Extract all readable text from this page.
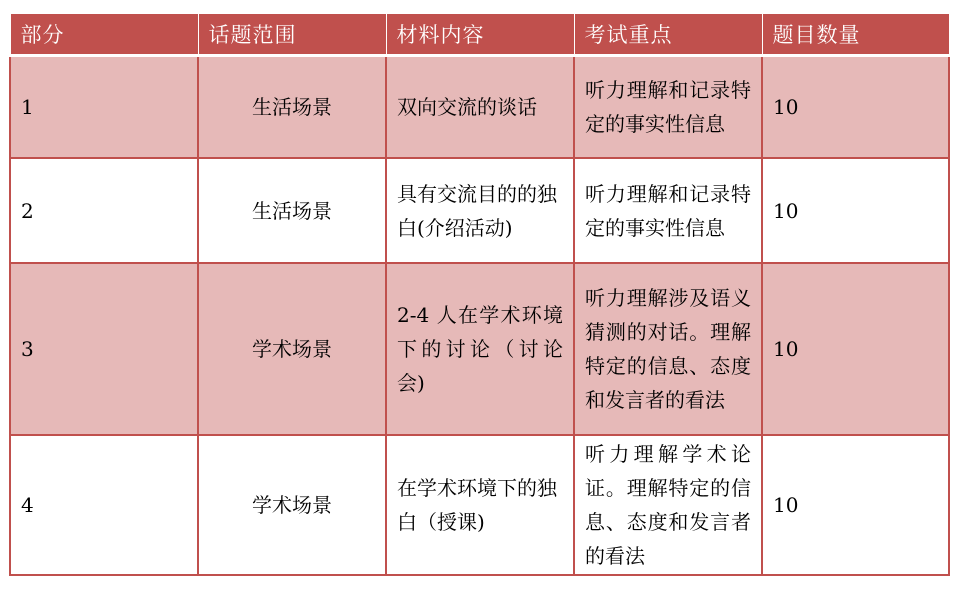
部分	话题范围	材料内容	考试重点	题目数量
1	生活场景	双向交流的谈话	听力理解和记录特定的事实性信息	10
2	生活场景	具有交流目的的独白(介绍活动)	听力理解和记录特定的事实性信息	10
3	学术场景	2-4 人在学术环境下的讨论（讨论会)	听力理解涉及语义猜测的对话。理解特定的信息、态度和发言者的看法	10
4	学术场景	在学术环境下的独白（授课)	听力理解学术论证。理解特定的信息、态度和发言者的看法	10
